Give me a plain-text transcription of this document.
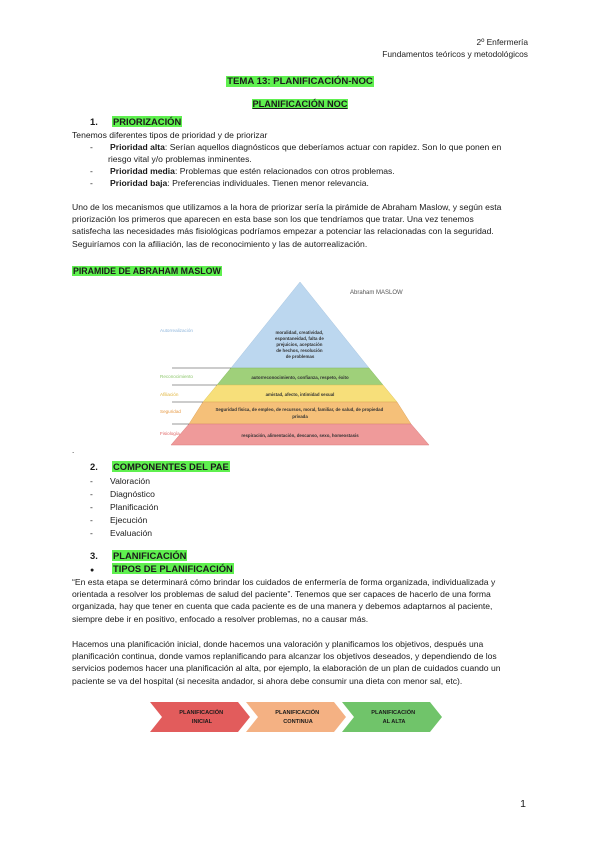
2º Enfermería
Fundamentos teóricos y metodológicos
TEMA 13: PLANIFICACIÓN-NOC
PLANIFICACIÓN NOC
1. PRIORIZACIÓN
Tenemos diferentes tipos de prioridad y de priorizar
- Prioridad alta: Serían aquellos diagnósticos que deberíamos actuar con rapidez. Son lo que ponen en
riesgo vital y/o problemas inminentes.
- Prioridad media: Problemas que estén relacionados con otros problemas.
- Prioridad baja: Preferencias individuales. Tienen menor relevancia.
Uno de los mecanismos que utilizamos a la hora de priorizar sería la pirámide de Abraham Maslow, y según esta
priorización los primeros que aparecen en esta base son los que tendríamos que tratar. Una vez tenemos
satisfecha las necesidades más fisiológicas podríamos empezar a potenciar las relacionadas con la seguridad.
Seguiríamos con la afiliación, las de reconocimiento y las de autorrealización.
PIRAMIDE DE ABRAHAM MASLOW
Abraham MASLOW
moralidad, creatividad, espontaneidad, falta de prejuicios, aceptación de hechos, resolución de problemas
autorreconocimiento, confianza, respeto, éxito
amistad, afecto, intimidad sexual
Seguridad física, de empleo, de recursos, moral, familiar, de salud, de propiedad privada
respiración, alimentación, descanso, sexo, homeostasis
Autorrealización
Reconocimiento
Afiliación
Seguridad
Fisiología
.
2. COMPONENTES DEL PAE
- Valoración
- Diagnóstico
- Planificación
- Ejecución
- Evaluación
3. PLANIFICACIÓN
● TIPOS DE PLANIFICACIÓN
“En esta etapa se determinará cómo brindar los cuidados de enfermería de forma organizada, individualizada y
orientada a resolver los problemas de salud del paciente”. Tenemos que ser capaces de hacerlo de una forma
organizada, hay que tener en cuenta que cada paciente es de una manera y debemos adaptarnos al paciente,
siempre debe ir en positivo, enfocado a resolver problemas, no a causar más.
Hacemos una planificación inicial, donde hacemos una valoración y planificamos los objetivos, después una
planificación continua, donde vamos replanificando para alcanzar los objetivos deseados, y dependiendo de los
servicios podemos hacer una planificación al alta, por ejemplo, la elaboración de un plan de cuidados cuando un
paciente se va del hospital (si necesita andador, si ahora debe consumir una dieta con menor sal, etc).
PLANIFICACIÓN INICIAL
PLANIFICACIÓN CONTINUA
PLANIFICACIÓN AL ALTA
1
